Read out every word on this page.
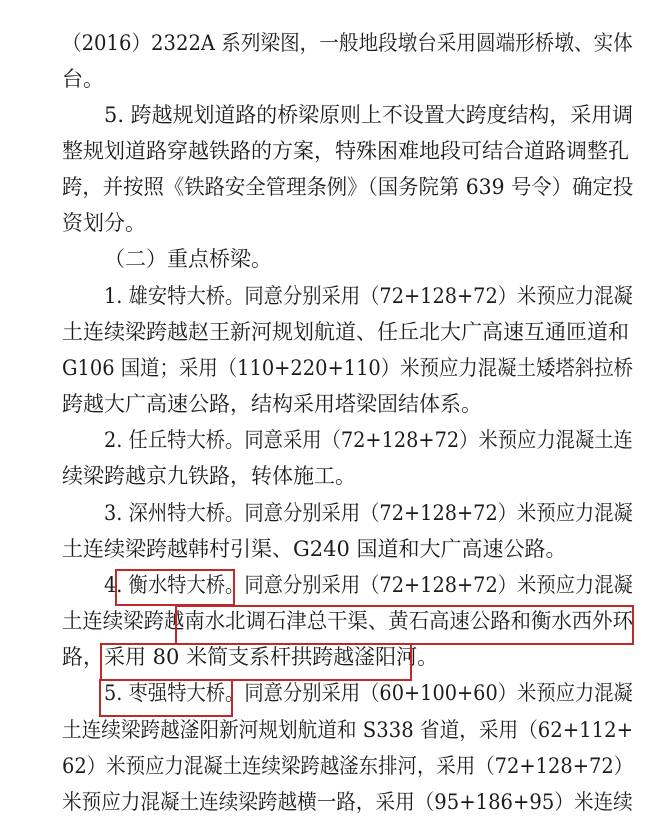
（2016）2322A 系列梁图，一般地段墩台采用圆端形桥墩、实体
台。
5. 跨越规划道路的桥梁原则上不设置大跨度结构，采用调
整规划道路穿越铁路的方案，特殊困难地段可结合道路调整孔
跨，并按照《铁路安全管理条例》（国务院第 639 号令）确定投
资划分。
（二）重点桥梁。
1. 雄安特大桥。同意分别采用（72+128+72）米预应力混凝
土连续梁跨越赵王新河规划航道、任丘北大广高速互通匝道和
G106 国道；采用（110+220+110）米预应力混凝土矮塔斜拉桥
跨越大广高速公路，结构采用塔梁固结体系。
2. 任丘特大桥。同意采用（72+128+72）米预应力混凝土连
续梁跨越京九铁路，转体施工。
3. 深州特大桥。同意分别采用（72+128+72）米预应力混凝
土连续梁跨越韩村引渠、G240 国道和大广高速公路。
4. 衡水特大桥。同意分别采用（72+128+72）米预应力混凝
土连续梁跨越南水北调石津总干渠、黄石高速公路和衡水西外环
路，采用 80 米简支系杆拱跨越滏阳河。
5. 枣强特大桥。同意分别采用（60+100+60）米预应力混凝
土连续梁跨越滏阳新河规划航道和 S338 省道，采用（62+112+
62）米预应力混凝土连续梁跨越滏东排河，采用（72+128+72）
米预应力混凝土连续梁跨越横一路，采用（95+186+95）米连续
